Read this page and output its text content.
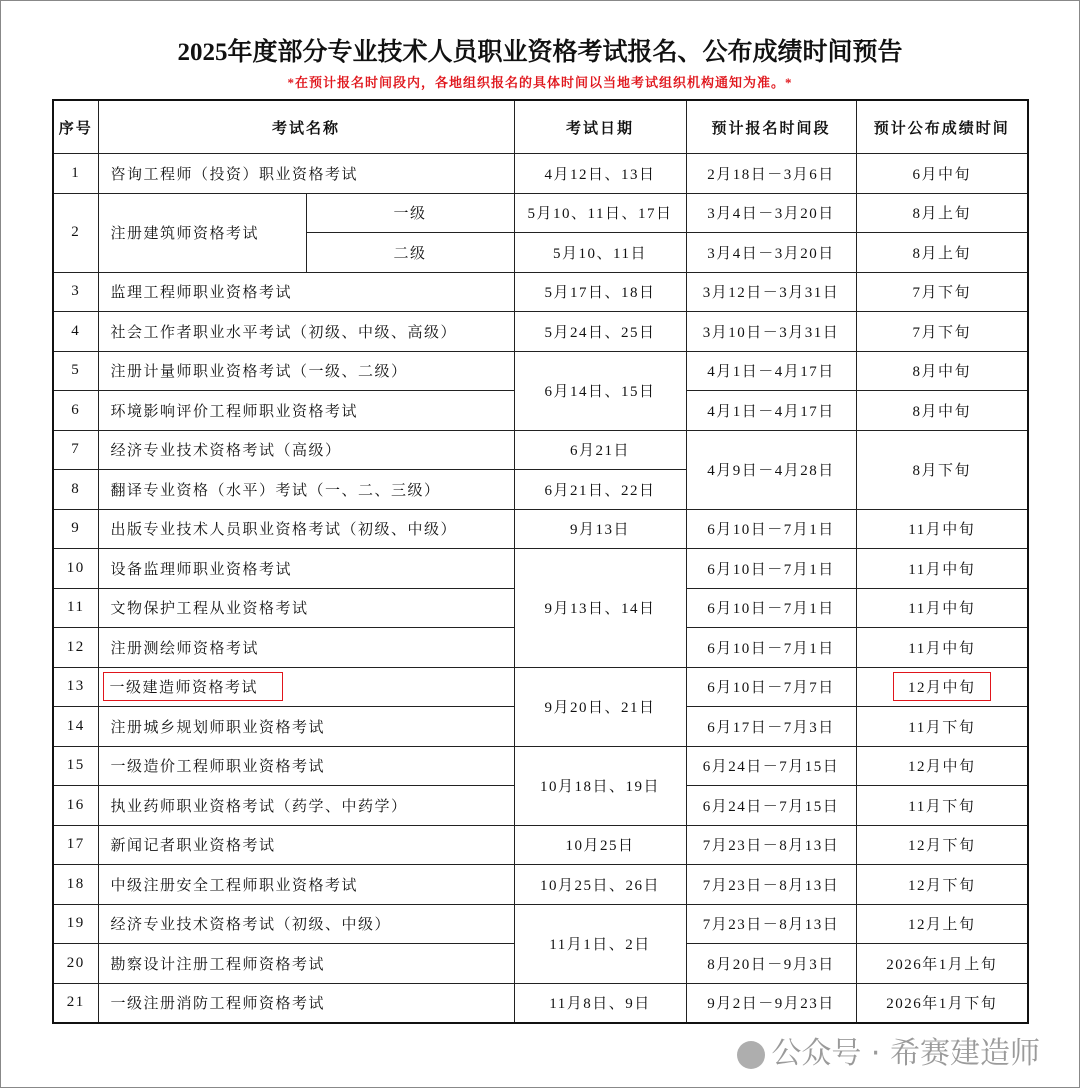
2025年度部分专业技术人员职业资格考试报名、公布成绩时间预告
*在预计报名时间段内，各地组织报名的具体时间以当地考试组织机构通知为准。*
序号	考试名称		考试日期	预计报名时间段	预计公布成绩时间
1	咨询工程师（投资）职业资格考试		4月12日、13日	2月18日－3月6日	6月中旬
2	注册建筑师资格考试	一级	5月10、11日、17日	3月4日－3月20日	8月上旬
		二级	5月10、11日	3月4日－3月20日	8月上旬
3	监理工程师职业资格考试		5月17日、18日	3月12日－3月31日	7月下旬
4	社会工作者职业水平考试（初级、中级、高级）		5月24日、25日	3月10日－3月31日	7月下旬
5	注册计量师职业资格考试（一级、二级）		6月14日、15日	4月1日－4月17日	8月中旬
6	环境影响评价工程师职业资格考试			4月1日－4月17日	8月中旬
7	经济专业技术资格考试（高级）		6月21日	4月9日－4月28日	8月下旬
8	翻译专业资格（水平）考试（一、二、三级）		6月21日、22日		
9	出版专业技术人员职业资格考试（初级、中级）		9月13日	6月10日－7月1日	11月中旬
10	设备监理师职业资格考试		9月13日、14日	6月10日－7月1日	11月中旬
11	文物保护工程从业资格考试			6月10日－7月1日	11月中旬
12	注册测绘师资格考试			6月10日－7月1日	11月中旬
13	一级建造师资格考试		9月20日、21日	6月10日－7月7日	12月中旬
14	注册城乡规划师职业资格考试			6月17日－7月3日	11月下旬
15	一级造价工程师职业资格考试		10月18日、19日	6月24日－7月15日	12月中旬
16	执业药师职业资格考试（药学、中药学）			6月24日－7月15日	11月下旬
17	新闻记者职业资格考试		10月25日	7月23日－8月13日	12月下旬
18	中级注册安全工程师职业资格考试		10月25日、26日	7月23日－8月13日	12月下旬
19	经济专业技术资格考试（初级、中级）		11月1日、2日	7月23日－8月13日	12月上旬
20	勘察设计注册工程师资格考试			8月20日－9月3日	2026年1月上旬
21	一级注册消防工程师资格考试		11月8日、9日	9月2日－9月23日	2026年1月下旬
公众号 · 希赛建造师
